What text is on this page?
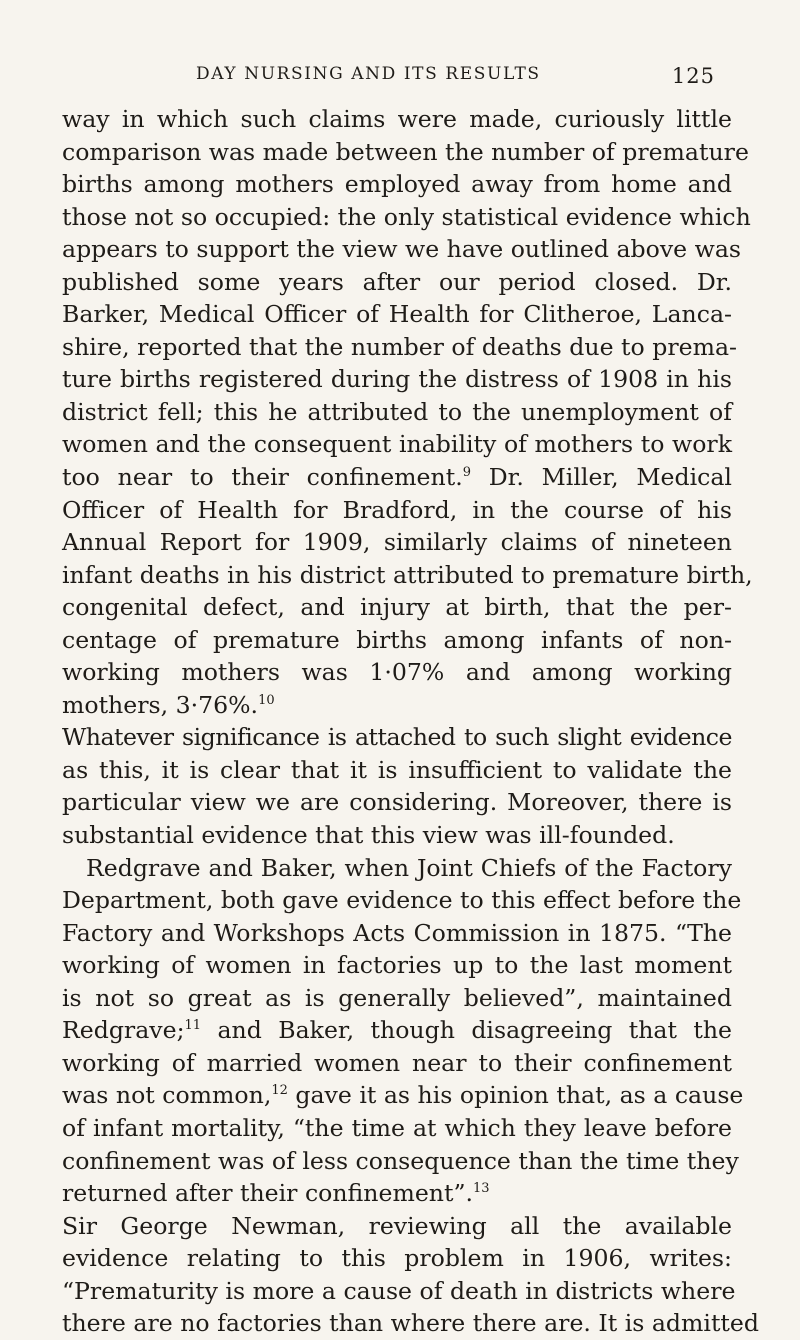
DAY NURSING AND ITS RESULTS	125
way in which such claims were made, curiously little
comparison was made between the number of premature
births among mothers employed away from home and
those not so occupied: the only statistical evidence which
appears to support the view we have outlined above was
published some years after our period closed. Dr.
Barker, Medical Officer of Health for Clitheroe, Lanca-
shire, reported that the number of deaths due to prema-
ture births registered during the distress of 1908 in his
district fell; this he attributed to the unemployment of
women and the consequent inability of mothers to work
too near to their confinement.$^9$ Dr. Miller, Medical
Officer of Health for Bradford, in the course of his
Annual Report for 1909, similarly claims of nineteen
infant deaths in his district attributed to premature birth,
congenital defect, and injury at birth, that the per-
centage of premature births among infants of non-
working mothers was 1·07% and among working
mothers, 3·76%.$^{10}$
Whatever significance is attached to such slight evidence
as this, it is clear that it is insufficient to validate the
particular view we are considering. Moreover, there is
substantial evidence that this view was ill-founded.
Redgrave and Baker, when Joint Chiefs of the Factory
Department, both gave evidence to this effect before the
Factory and Workshops Acts Commission in 1875. “The
working of women in factories up to the last moment
is not so great as is generally believed”, maintained
Redgrave;$^{11}$ and Baker, though disagreeing that the
working of married women near to their confinement
was not common,$^{12}$ gave it as his opinion that, as a cause
of infant mortality, “the time at which they leave before
confinement was of less consequence than the time they
returned after their confinement”.$^{13}$
Sir George Newman, reviewing all the available
evidence relating to this problem in 1906, writes:
“Prematurity is more a cause of death in districts where
there are no factories than where there are. It is admitted
